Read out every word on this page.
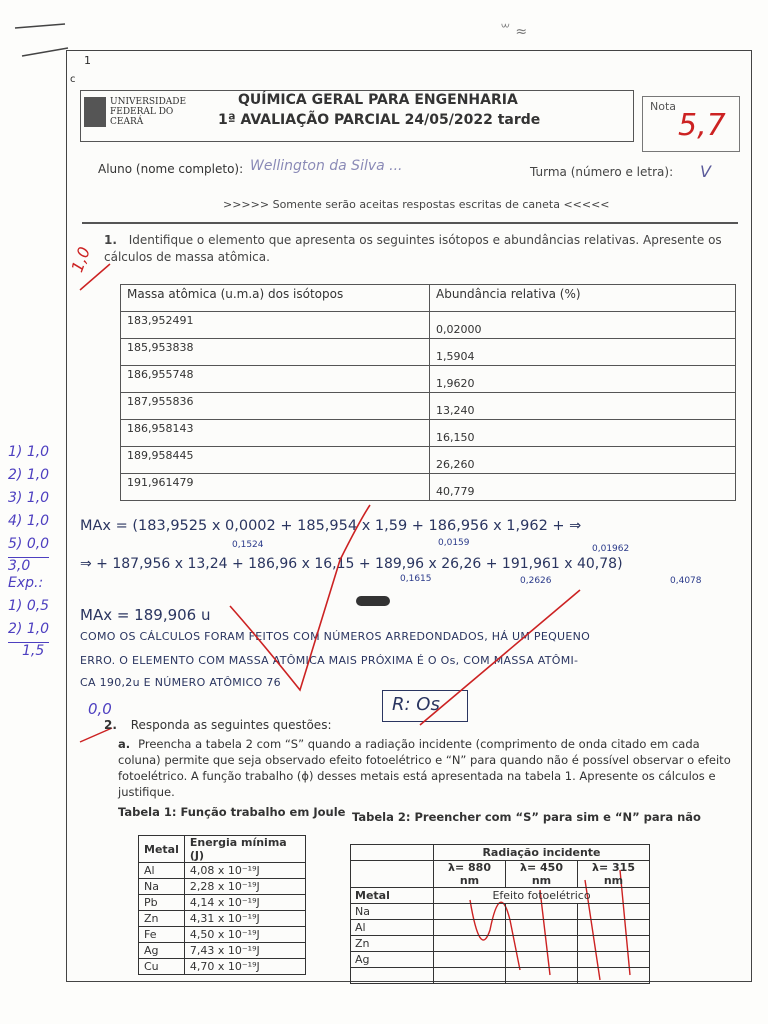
꒳ ≈
1
c
UNIVERSIDADE
FEDERAL DO CEARÁ
QUÍMICA GERAL PARA ENGENHARIA
1ª AVALIAÇÃO PARCIAL 24/05/2022 tarde
Nota
5,7
Aluno (nome completo): Wellington da Silva ...	Turma (número e letra): V
>>>>> Somente serão aceitas respostas escritas de caneta <<<<<
1. Identifique o elemento que apresenta os seguintes isótopos e abundâncias relativas. Apresente os cálculos de massa atômica.
1,0
Massa atômica (u.m.a) dos isótopos	Abundância relativa (%)
183,952491	0,02000
185,953838	1,5904
186,955748	1,9620
187,955836	13,240
186,958143	16,150
189,958445	26,260
191,961479	40,779
MAx = (183,9525 x 0,0002 + 185,954 x 1,59 + 186,956 x 1,962 + ⇒
0,1524	0,0159
0,01962
⇒ + 187,956 x 13,24 + 186,96 x 16,15 + 189,96 x 26,26 + 191,961 x 40,78)
0,1615	0,2626	0,4078
MAx = 189,906 u
COMO OS CÁLCULOS FORAM FEITOS COM NÚMEROS ARREDONDADOS, HÁ UM PEQUENO
ERRO. O ELEMENTO COM MASSA ATÔMICA MAIS PRÓXIMA É O Os, COM MASSA ATÔMI-
CA 190,2u E NÚMERO ATÔMICO 76
R: Os
1) 1,0
2) 1,0
3) 1,0
4) 1,0
5) 0,0
3,0
Exp.:
1) 0,5
2) 1,0
1,5
0,0
2. Responda as seguintes questões:
a. Preencha a tabela 2 com “S” quando a radiação incidente (comprimento de onda citado em cada coluna) permite que seja observado efeito fotoelétrico e “N” para quando não é possível observar o efeito fotoelétrico. A função trabalho (ϕ) desses metais está apresentada na tabela 1. Apresente os cálculos e justifique.
Tabela 1: Função trabalho em Joule Tabela 2: Preencher com “S” para sim e “N” para não
Metal	Energia mínima (J)
Al	4,08 x 10⁻¹⁹J
Na	2,28 x 10⁻¹⁹J
Pb	4,14 x 10⁻¹⁹J
Zn	4,31 x 10⁻¹⁹J
Fe	4,50 x 10⁻¹⁹J
Ag	7,43 x 10⁻¹⁹J
Cu	4,70 x 10⁻¹⁹J
	Radiação incidente		
	λ= 880 nm	λ= 450 nm	λ= 315 nm
Metal	Efeito fotoelétrico		
Na			
Al			
Zn			
Ag			
